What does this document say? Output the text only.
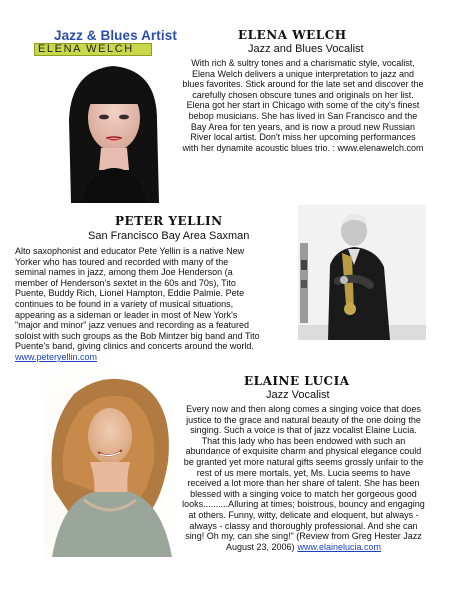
Jazz & Blues Artist
ELENA WELCH
ELENA WELCH
Jazz and Blues Vocalist
With rich & sultry tones and a charismatic style, vocalist,
Elena Welch delivers a unique interpretation to jazz and
blues favorites. Stick around for the late set and discover the
carefully chosen obscure tunes and originals on her list.
Elena got her start in Chicago with some of the city's finest
bebop musicians. She has lived in San Francisco and the
Bay Area for ten years, and is now a proud new Russian
River local artist. Don't miss her upcoming performances
with her dynamite acoustic blues trio. : www.elenawelch.com
PETER YELLIN
San Francisco Bay Area Saxman
Alto saxophonist and educator Pete Yellin is a native New
Yorker who has toured and recorded with many of the
seminal names in jazz, among them Joe Henderson (a
member of Henderson's sextet in the 60s and 70s), Tito
Puente, Buddy Rich, Lionel Hampton, Eddie Palmie. Pete
continues to be found in a variety of musical situations,
appearing as a sideman or leader in most of New York's
"major and minor" jazz venues and recording as a featured
soloist with such groups as the Bob Mintzer big band and Tito
Puente's band, giving clinics and concerts around the world.
www.peteryellin.com
ELAINE LUCIA
Jazz Vocalist
Every now and then along comes a singing voice that does
justice to the grace and natural beauty of the one doing the
singing. Such a voice is that of jazz vocalist Elaine Lucia.
That this lady who has been endowed with such an
abundance of exquisite charm and physical elegance could
be granted yet more natural gifts seems grossly unfair to the
rest of us mere mortals, yet, Ms. Lucia seems to have
received a lot more than her share of talent. She has been
blessed with a singing voice to match her gorgeous good
looks..........Alluring at times; boistrous, bouncy and engaging
at others. Funny, witty, delicate and eloquent, but always -
always - classy and thoroughly professional. And she can
sing! Oh my, can she sing!" (Review from Greg Hester Jazz
August 23, 2006) www.elainelucia.com
